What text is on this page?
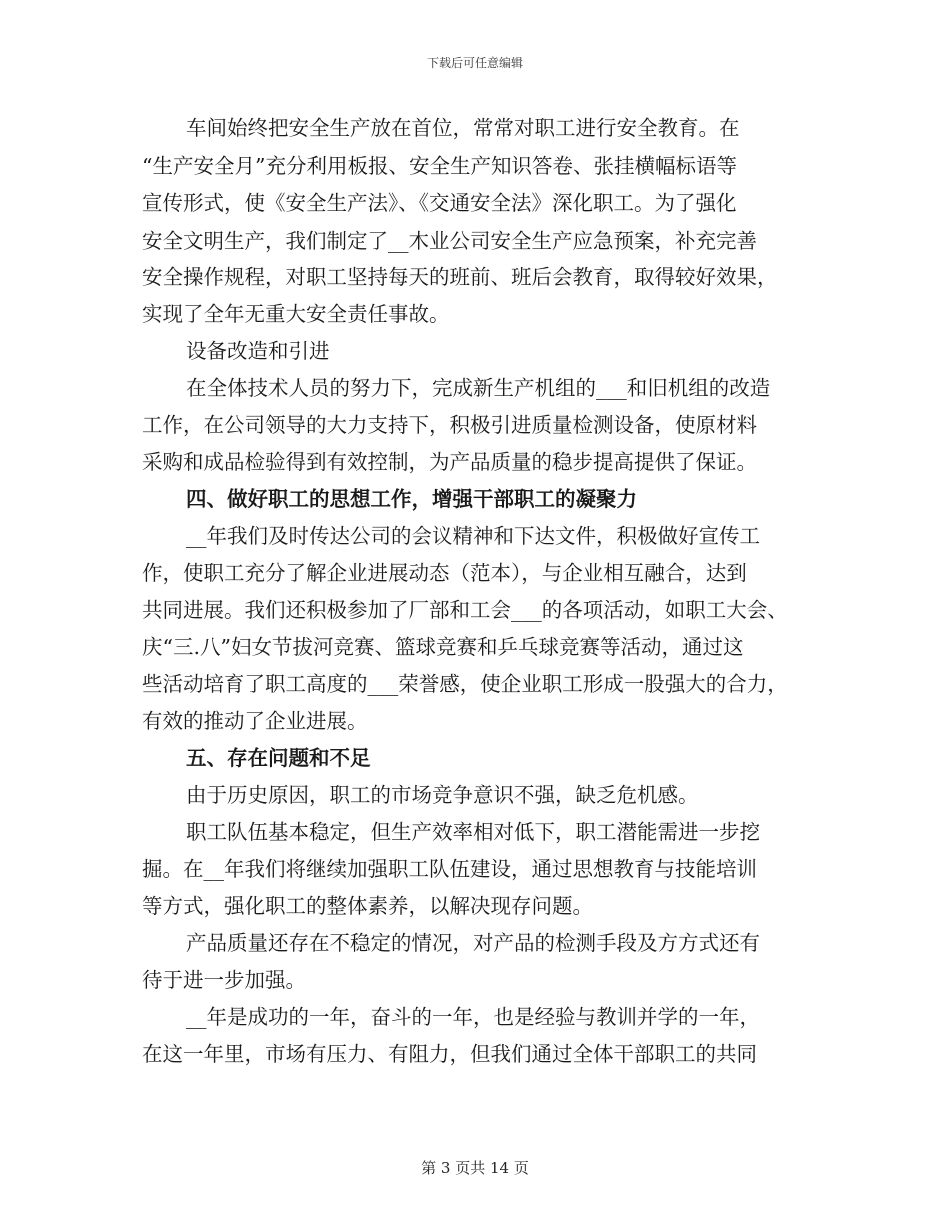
下载后可任意编辑
车间始终把安全生产放在首位，常常对职工进行安全教育。在
“生产安全月”充分利用板报、安全生产知识答卷、张挂横幅标语等
宣传形式，使《安全生产法》、《交通安全法》深化职工。为了强化
安全文明生产，我们制定了__木业公司安全生产应急预案，补充完善
安全操作规程，对职工坚持每天的班前、班后会教育，取得较好效果，
实现了全年无重大安全责任事故。
设备改造和引进
在全体技术人员的努力下，完成新生产机组的___和旧机组的改造
工作，在公司领导的大力支持下，积极引进质量检测设备，使原材料
采购和成品检验得到有效控制，为产品质量的稳步提高提供了保证。
四、做好职工的思想工作，增强干部职工的凝聚力
__年我们及时传达公司的会议精神和下达文件，积极做好宣传工
作，使职工充分了解企业进展动态（范本），与企业相互融合，达到
共同进展。我们还积极参加了厂部和工会___的各项活动，如职工大会、
庆“三.八”妇女节拔河竞赛、篮球竞赛和乒乓球竞赛等活动，通过这
些活动培育了职工高度的___荣誉感，使企业职工形成一股强大的合力，
有效的推动了企业进展。
五、存在问题和不足
由于历史原因，职工的市场竞争意识不强，缺乏危机感。
职工队伍基本稳定，但生产效率相对低下，职工潜能需进一步挖
掘。在__年我们将继续加强职工队伍建设，通过思想教育与技能培训
等方式，强化职工的整体素养，以解决现存问题。
产品质量还存在不稳定的情况，对产品的检测手段及方方式还有
待于进一步加强。
__年是成功的一年，奋斗的一年，也是经验与教训并学的一年，
在这一年里，市场有压力、有阻力，但我们通过全体干部职工的共同
第 3 页共 14 页
